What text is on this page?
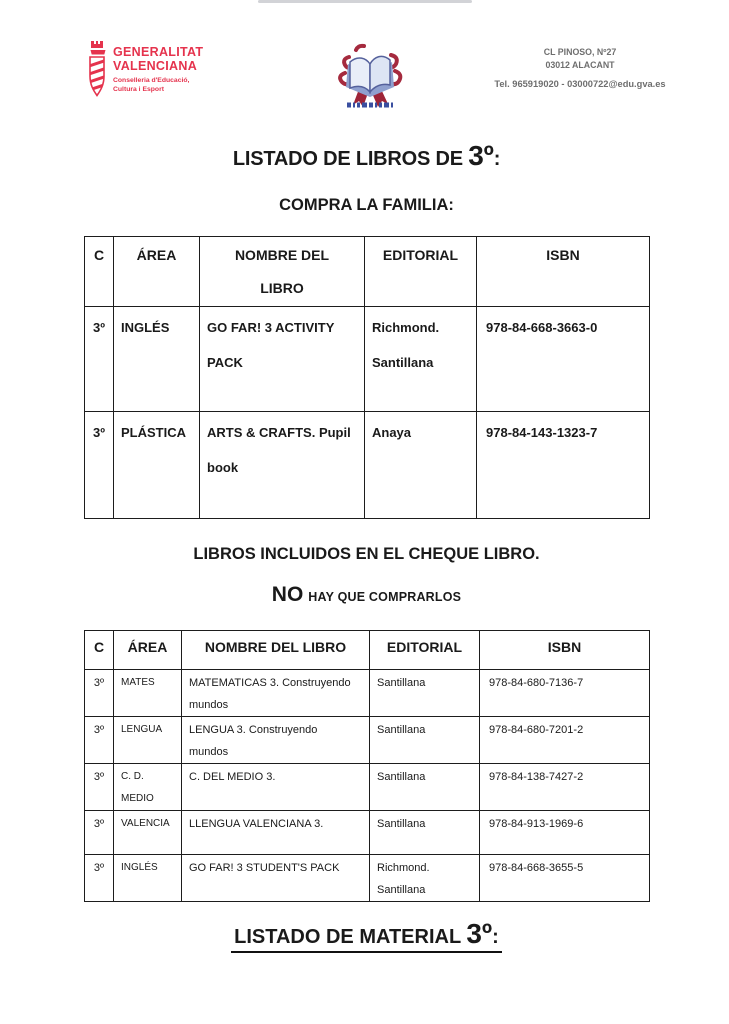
GENERALITAT
VALENCIANA
Conselleria d'Educació,
Cultura i Esport
CL PINOSO, Nº27
03012 ALACANT
Tel. 965919020 - 03000722@edu.gva.es
LISTADO DE LIBROS DE 3º:
COMPRA LA FAMILIA:
C	ÁREA	NOMBRE DEL LIBRO	EDITORIAL	ISBN
3º	INGLÉS	GO FAR! 3 ACTIVITY PACK	Richmond. Santillana	978-84-668-3663-0
3º	PLÁSTICA	ARTS & CRAFTS. Pupil book	Anaya	978-84-143-1323-7
LIBROS INCLUIDOS EN EL CHEQUE LIBRO.
NO HAY QUE COMPRARLOS
C	ÁREA	NOMBRE DEL LIBRO	EDITORIAL	ISBN
3º	MATES	MATEMATICAS 3. Construyendo mundos	Santillana	978-84-680-7136-7
3º	LENGUA	LENGUA 3. Construyendo mundos	Santillana	978-84-680-7201-2
3º	C. D. MEDIO	C. DEL MEDIO 3.	Santillana	978-84-138-7427-2
3º	VALENCIA	LLENGUA VALENCIANA 3.	Santillana	978-84-913-1969-6
3º	INGLÉS	GO FAR! 3 STUDENT'S PACK	Richmond. Santillana	978-84-668-3655-5
LISTADO DE MATERIAL 3º:
